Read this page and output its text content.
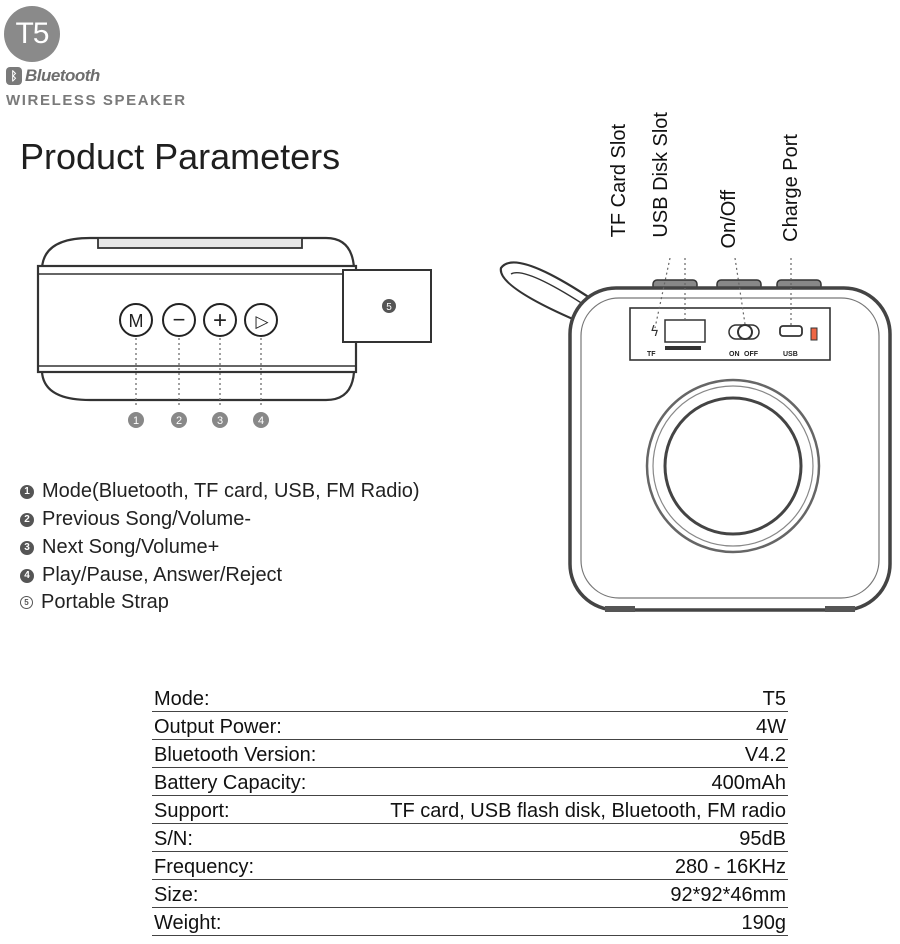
T5
ᛒ Bluetooth
WIRELESS SPEAKER
Product Parameters
M − + ▷
1	2	3	4
5
ϟ
TF	ON OFF	USB
TF Card Slot USB Disk Slot On/Off Charge Port
1 Mode(Bluetooth, TF card, USB, FM Radio)
2 Previous Song/Volume-
3 Next Song/Volume+
4 Play/Pause, Answer/Reject
5 Portable Strap
Mode:	T5
Output Power:	4W
Bluetooth Version:	V4.2
Battery Capacity:	400mAh
Support:	TF card, USB flash disk, Bluetooth, FM radio
S/N:	95dB
Frequency:	280 - 16KHz
Size:	92*92*46mm
Weight:	190g
